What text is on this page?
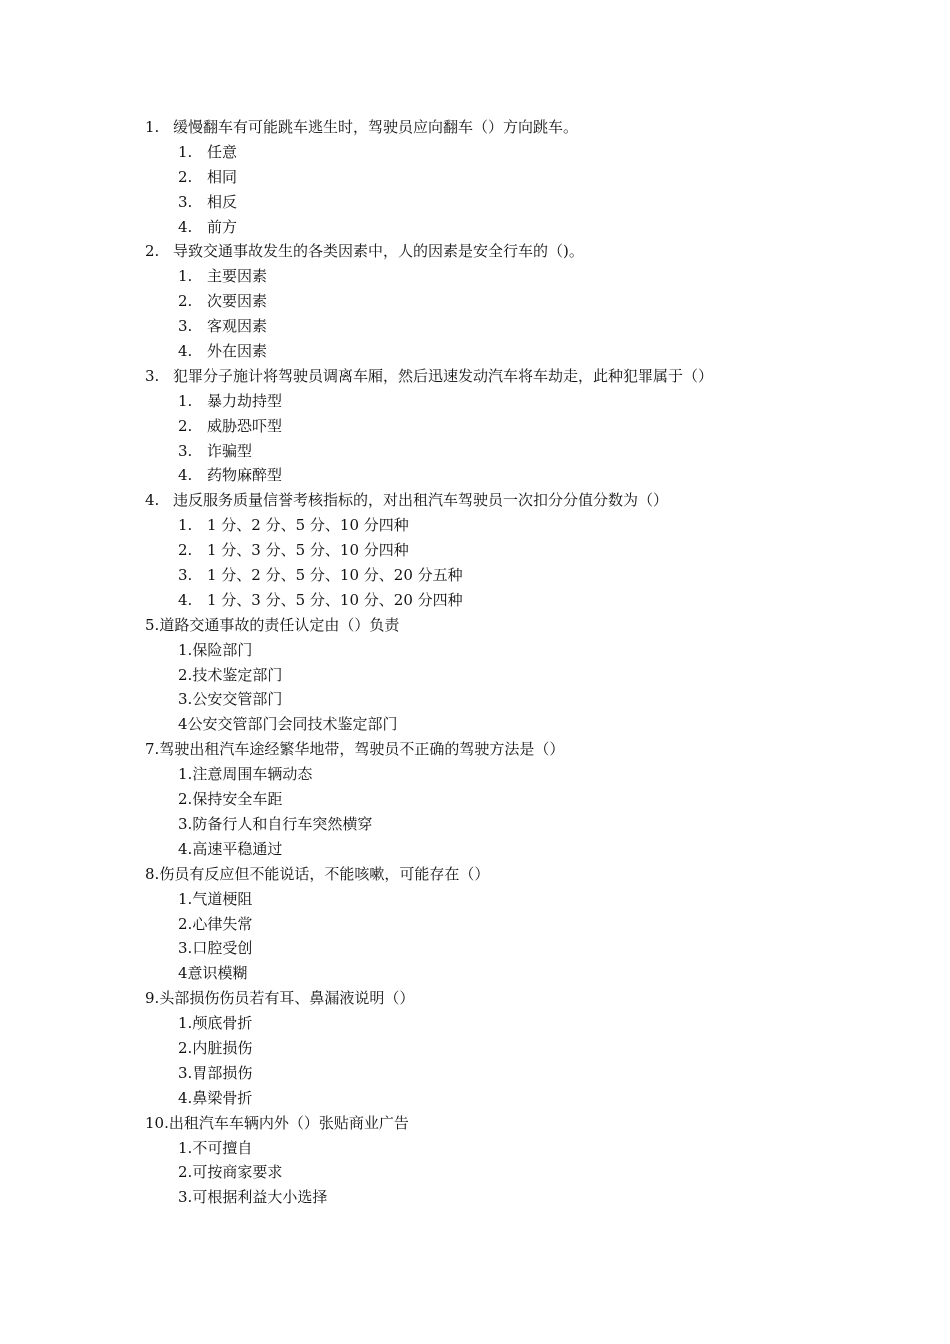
1. 缓慢翻车有可能跳车逃生时，驾驶员应向翻车（）方向跳车。
1. 任意
2. 相同
3. 相反
4. 前方
2. 导致交通事故发生的各类因素中，人的因素是安全行车的（)。
1. 主要因素
2. 次要因素
3. 客观因素
4. 外在因素
3. 犯罪分子施计将驾驶员调离车厢，然后迅速发动汽车将车劫走，此种犯罪属于（）
1. 暴力劫持型
2. 威胁恐吓型
3. 诈骗型
4. 药物麻醉型
4. 违反服务质量信誉考核指标的，对出租汽车驾驶员一次扣分分值分数为（）
1. 1 分、2 分、5 分、10 分四种
2. 1 分、3 分、5 分、10 分四种
3. 1 分、2 分、5 分、10 分、20 分五种
4. 1 分、3 分、5 分、10 分、20 分四种
5.道路交通事故的责任认定由（）负责
1.保险部门
2.技术鉴定部门
3.公安交管部门
4公安交管部门会同技术鉴定部门
7.驾驶出租汽车途经繁华地带，驾驶员不正确的驾驶方法是（）
1.注意周围车辆动态
2.保持安全车距
3.防备行人和自行车突然横穿
4.高速平稳通过
8.伤员有反应但不能说话，不能咳嗽，可能存在（）
1.气道梗阻
2.心律失常
3.口腔受创
4意识模糊
9.头部损伤伤员若有耳、鼻漏液说明（）
1.颅底骨折
2.内脏损伤
3.胃部损伤
4.鼻梁骨折
10.出租汽车车辆内外（）张贴商业广告
1.不可擅自
2.可按商家要求
3.可根据利益大小选择
